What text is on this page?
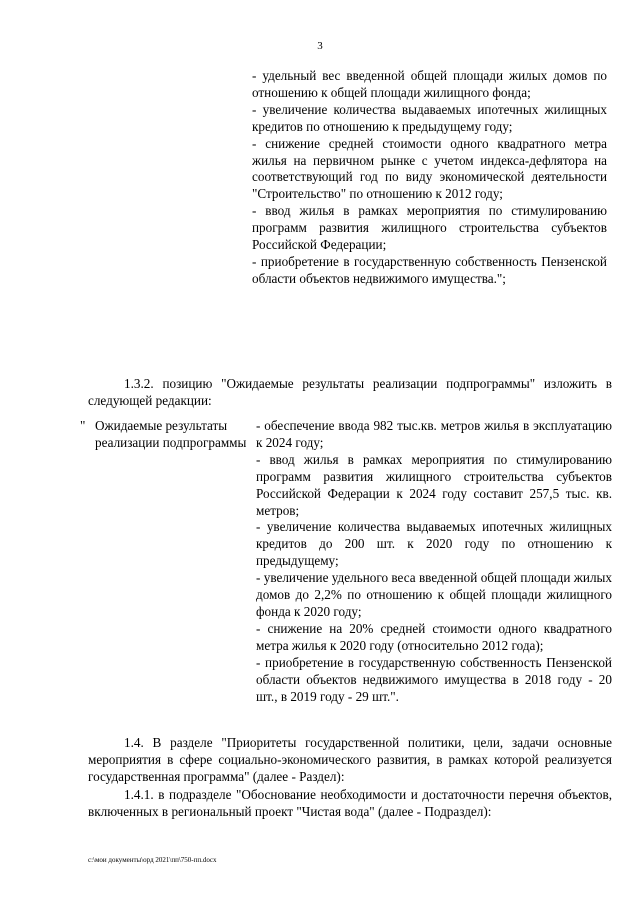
3

- удельный вес введенной общей площади жилых домов по отношению к общей площади жилищного фонда;

- увеличение количества выдаваемых ипотечных жилищных кредитов по отношению к предыдущему году;

- снижение средней стоимости одного квадратного метра жилья на первичном рынке с учетом индекса-дефлятора на соответствующий год по виду экономической деятельности "Строительство" по отношению к 2012 году;

- ввод жилья в рамках мероприятия по стимулированию программ развития жилищного строительства субъектов Российской Федерации;

- приобретение в государственную собственность Пензенской области объектов недвижимого имущества.";

1.3.2. позицию "Ожидаемые результаты реализации подпрограммы" изложить в следующей редакции:

" Ожидаемые результаты реализации подпрограммы

- обеспечение ввода 982 тыс.кв. метров жилья в эксплуатацию к 2024 году;

- ввод жилья в рамках мероприятия по стимулированию программ развития жилищного строительства субъектов Российской Федерации к 2024 году составит 257,5 тыс. кв. метров;

- увеличение количества выдаваемых ипотечных жилищных кредитов до 200 шт. к 2020 году по отношению к предыдущему;

- увеличение удельного веса введенной общей площади жилых домов до 2,2% по отношению к общей площади жилищного фонда к 2020 году;

- снижение на 20% средней стоимости одного квадратного метра жилья к 2020 году (относительно 2012 года);

- приобретение в государственную собственность Пензенской области объектов недвижимого имущества в 2018 году - 20 шт., в 2019 году - 29 шт.".

1.4. В разделе "Приоритеты государственной политики, цели, задачи основные мероприятия в сфере социально-экономического развития, в рамках которой реализуется государственная программа" (далее - Раздел):

1.4.1. в подразделе "Обоснование необходимости и достаточности перечня объектов, включенных в региональный проект "Чистая вода" (далее - Подраздел):

c:\мои документы\орд 2021\пп\750-пп.docx
